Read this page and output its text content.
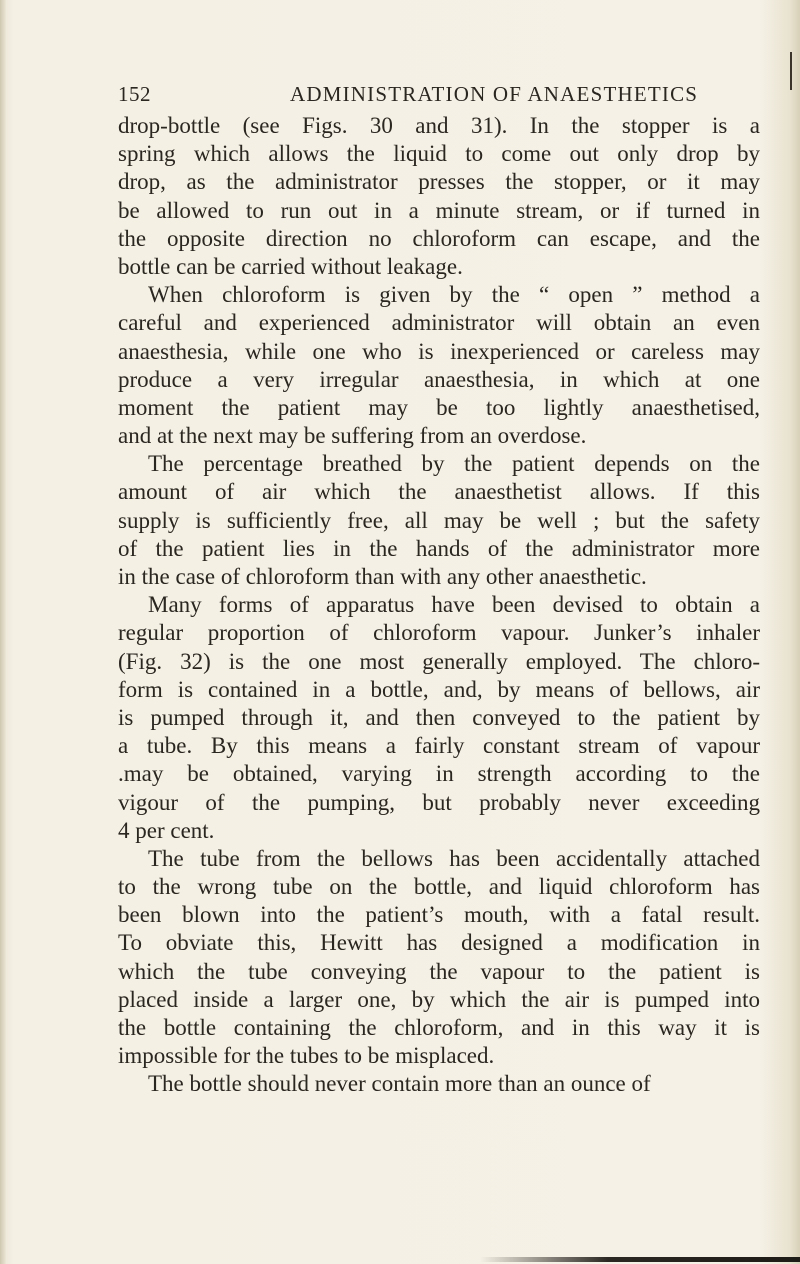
152	ADMINISTRATION OF ANAESTHETICS
drop-bottle (see Figs. 30 and 31). In the stopper is a
spring which allows the liquid to come out only drop by
drop, as the administrator presses the stopper, or it may
be allowed to run out in a minute stream, or if turned in
the opposite direction no chloroform can escape, and the
bottle can be carried without leakage.
When chloroform is given by the “ open ” method a
careful and experienced administrator will obtain an even
anaesthesia, while one who is inexperienced or careless may
produce a very irregular anaesthesia, in which at one
moment the patient may be too lightly anaesthetised,
and at the next may be suffering from an overdose.
The percentage breathed by the patient depends on the
amount of air which the anaesthetist allows. If this
supply is sufficiently free, all may be well ; but the safety
of the patient lies in the hands of the administrator more
in the case of chloroform than with any other anaesthetic.
Many forms of apparatus have been devised to obtain a
regular proportion of chloroform vapour. Junker’s inhaler
(Fig. 32) is the one most generally employed. The chloro-
form is contained in a bottle, and, by means of bellows, air
is pumped through it, and then conveyed to the patient by
a tube. By this means a fairly constant stream of vapour
.may be obtained, varying in strength according to the
vigour of the pumping, but probably never exceeding
4 per cent.
The tube from the bellows has been accidentally attached
to the wrong tube on the bottle, and liquid chloroform has
been blown into the patient’s mouth, with a fatal result.
To obviate this, Hewitt has designed a modification in
which the tube conveying the vapour to the patient is
placed inside a larger one, by which the air is pumped into
the bottle containing the chloroform, and in this way it is
impossible for the tubes to be misplaced.
The bottle should never contain more than an ounce of
